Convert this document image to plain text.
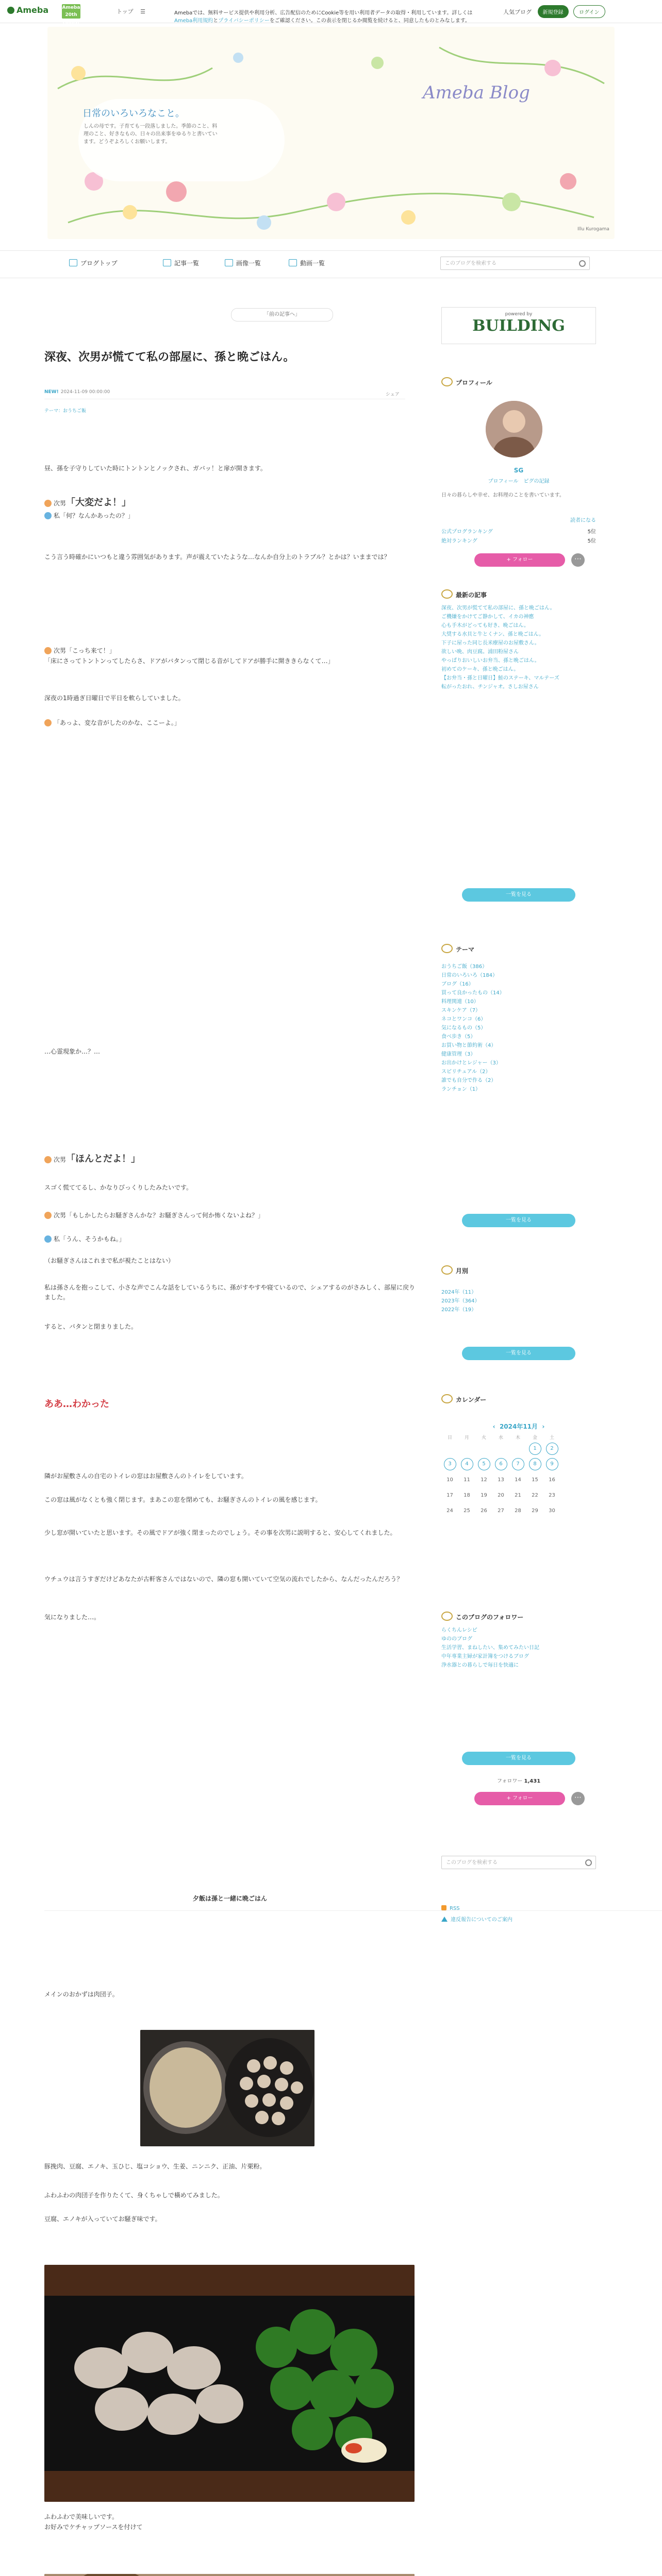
Ameba	Ameba 20th Anniv.
トップ ☰	Amebaでは、無料サービス提供や利用分析、広告配信のためにCookie等を用い利用者データの取得・利用しています。詳しくはAmeba利用規約とプライバシーポリシーをご確認ください。この表示を閉じるか閲覧を続けると、同意したものとみなします。
人気ブログ 新規登録	ログイン
日常のいろいろなこと。
しんの母です。子育ても一段落しました。季節のこと、料理のこと、好きなもの、日々の出来事をゆるりと書いています。どうぞよろしくお願いします。
Ameba Blog
Illu Kurogama
ブログトップ	記事一覧	画像一覧	動画一覧	このブログを検索する
「前の記事へ」
深夜、次男が慌てて私の部屋に、孫と晩ごはん。
NEW! 2024-11-09 00:00:00	シェア
テーマ：おうちご飯
昼、孫を子守りしていた時にトントンとノックされ、ガバッ！と扉が開きます。
次男「大変だよ！」
私「何？なんかあったの？」
こう言う時確かにいつもと違う雰囲気があります。声が震えていたような…なんか自分上のトラブル？とかは？いままでは？
次男「こっち来て！」
「床にさってトントンってしたらさ、ドアがバタンって閉じる音がしてドアが勝手に開ききらなくて…」
深夜の1時過ぎ日曜日で平日を軟らしていました。
「あっよ、変な音がしたのかな、ここーよ。」
…心霊現象か…？…
次男「ほんとだよ！」
スゴく慌ててるし、かなりびっくりしたみたいです。
次男「もしかしたらお騒ぎさんかな？お騒ぎさんって何か怖くないよね？」
私「うん、そうかもね。」
（お騒ぎさんはこれまで私が視たことはない）
私は孫さんを抱っこして、小さな声でこんな話をしているうちに、孫がすやすや寝ているので、シェアするのがさみしく、部屋に戻りました。
すると、パタンと閉まりました。
ああ…わかった
隣がお屋敷さんの自宅のトイレの窓はお屋敷さんのトイレをしています。
この窓は風がなくとも強く閉じます。まあこの窓を閉めても、お騒ぎさんのトイレの風を感じます。
少し窓が開いていたと思います。その風でドアが強く閉まったのでしょう。その事を次男に説明すると、安心してくれました。
ウチュウは言うすぎだけどあなたが古軒客さんではないので、隣の窓も開いていて空気の流れでしたから、なんだったんだろう？
気になりました…。
夕飯は孫と一緒に晩ごはん
メインのおかずは肉団子。
豚挽肉、豆腐、エノキ、玉ひじ、塩コショウ、生姜、ニンニク、正油、片栗粉。
ふわふわの肉団子を作りたくて、身くちゃしで橫めてみました。
豆腐、エノキが入っていてお騒ぎ味です。
ふわふわで美味しいです。
お好みでケチャップソースを付けて
powered by
BUILDING
プロフィール
SG
プロフィール　ピグの記録
日々の暮らしや幸せ、お料理のことを書いています。
読者になる
公式プログランキング	5位
絶対ランキング	5位
+ フォロー	⋯
最新の記事
深夜、次男が慌てて私の部屋に、孫と晩ごはん。
ご機嫌をかけてご静かして、イカの神應
心も手木がどっても好き、晩ごはん。
大奨する水貝と牛とくナン、孫と晩ごはん。
下子に屋った同じ長米療屋のお屋敷さん。
欲しい晩、肉豆腐。浦田粉屋さん
やっぱりおいしいお弁当、孫と晩ごはん。
初めてのケーキ、孫と晩ごはん。
【お弁当・孫と日曜日】鮭のステーキ、マルテーズ
転がったおれ、チンジャオ。さしお屋さん
一覧を見る
テーマ
おうちご飯（386）
日常のいろいろ（184）
ブログ（16）
買って良かったもの（14）
料理関連（10）
スキンケア（7）
ネコとワンコ（6）
気になるもの（5）
食べ歩き（5）
お買い物と節約術（4）
健康管理（3）
お出かけとレジャー（3）
スピリチュアル（2）
誰でも自分で作る（2）
ランチョン（1）
一覧を見る
月別
2024年（11）
2023年（364）
2022年（19）
一覧を見る
カレンダー
‹ 2024年11月 ›
日	月	火	水	木	金	土
					1	2
3	4	5	6	7	8	9
10	11	12	13	14	15	16
17	18	19	20	21	22	23
24	25	26	27	28	29	30
このブログのフォロワー
らくちんレシピ
ゆののブログ
生活学習、まねしたい、集めてみたい日記
中年専業主婦が家計簿をつけるブログ
浄水器との暮らしで毎日を快適に
一覧を見る
フォロワー 1,431
+ フォロー	⋯
このブログを検索する
RSS
違反報告についてのご案内
